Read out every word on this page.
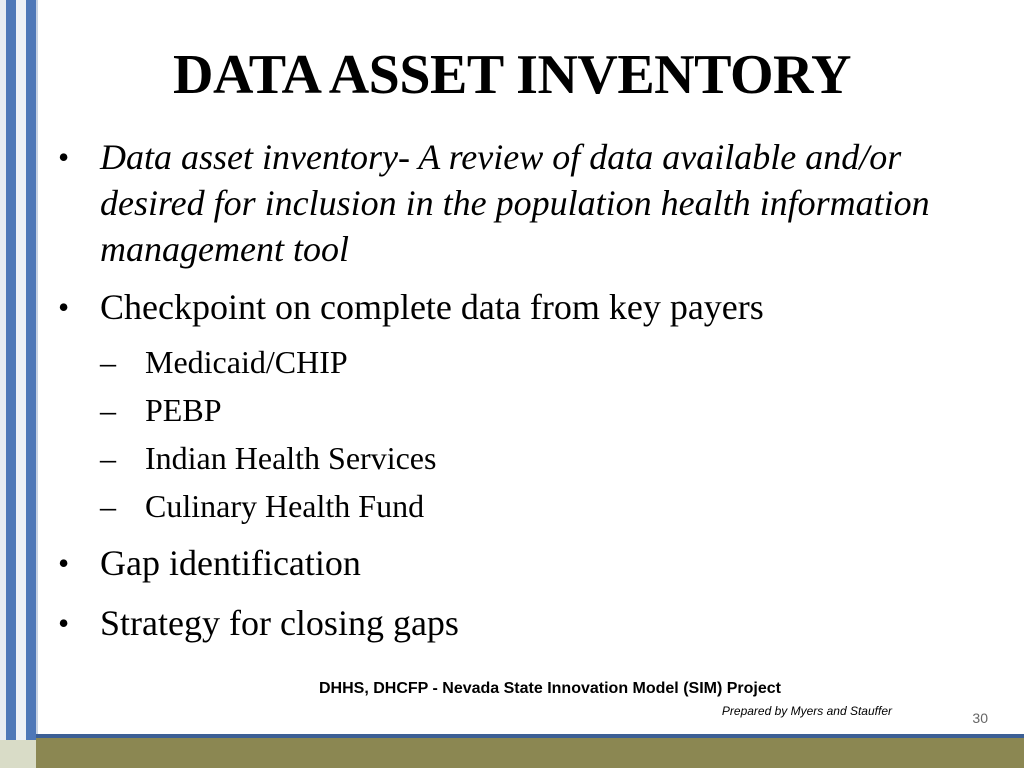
DATA ASSET INVENTORY
• Data asset inventory- A review of data available and/or desired for inclusion in the population health information management tool
• Checkpoint on complete data from key payers
– Medicaid/CHIP
– PEBP
– Indian Health Services
– Culinary Health Fund
• Gap identification
• Strategy for closing gaps
DHHS, DHCFP - Nevada State Innovation Model (SIM) Project
Prepared by Myers and Stauffer	30
